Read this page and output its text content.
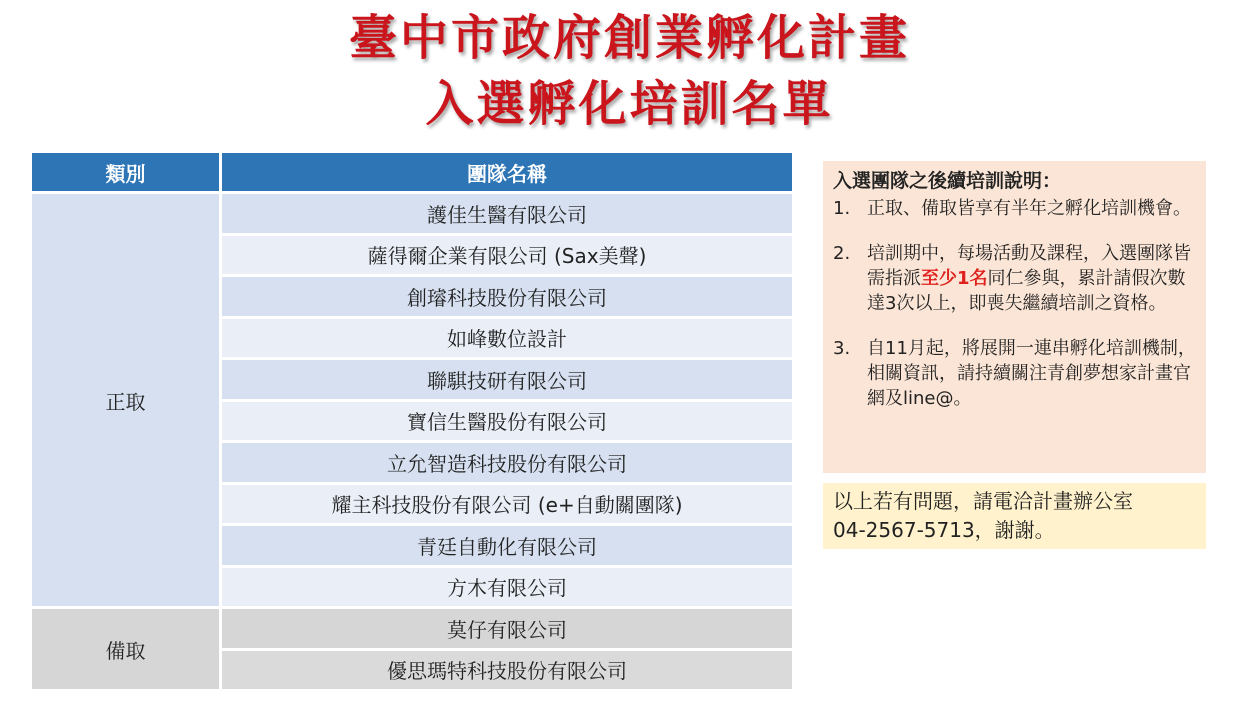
臺中市政府創業孵化計畫
入選孵化培訓名單
類別	團隊名稱
正取	護佳生醫有限公司
	薩得爾企業有限公司 (Sax美聲)
	創璿科技股份有限公司
	如峰數位設計
	聯騏技研有限公司
	寶信生醫股份有限公司
	立允智造科技股份有限公司
	耀主科技股份有限公司 (e+自動關團隊)
	青廷自動化有限公司
	方木有限公司
備取	莫仔有限公司
	優思瑪特科技股份有限公司
入選團隊之後續培訓說明：
1. 正取、備取皆享有半年之孵化培訓機會。
2. 培訓期中，每場活動及課程，入選團隊皆需指派至少1名同仁參與，累計請假次數達3次以上，即喪失繼續培訓之資格。
3. 自11月起，將展開一連串孵化培訓機制，相關資訊，請持續關注青創夢想家計畫官網及line@。
以上若有問題，請電洽計畫辦公室
04-2567-5713，謝謝。
